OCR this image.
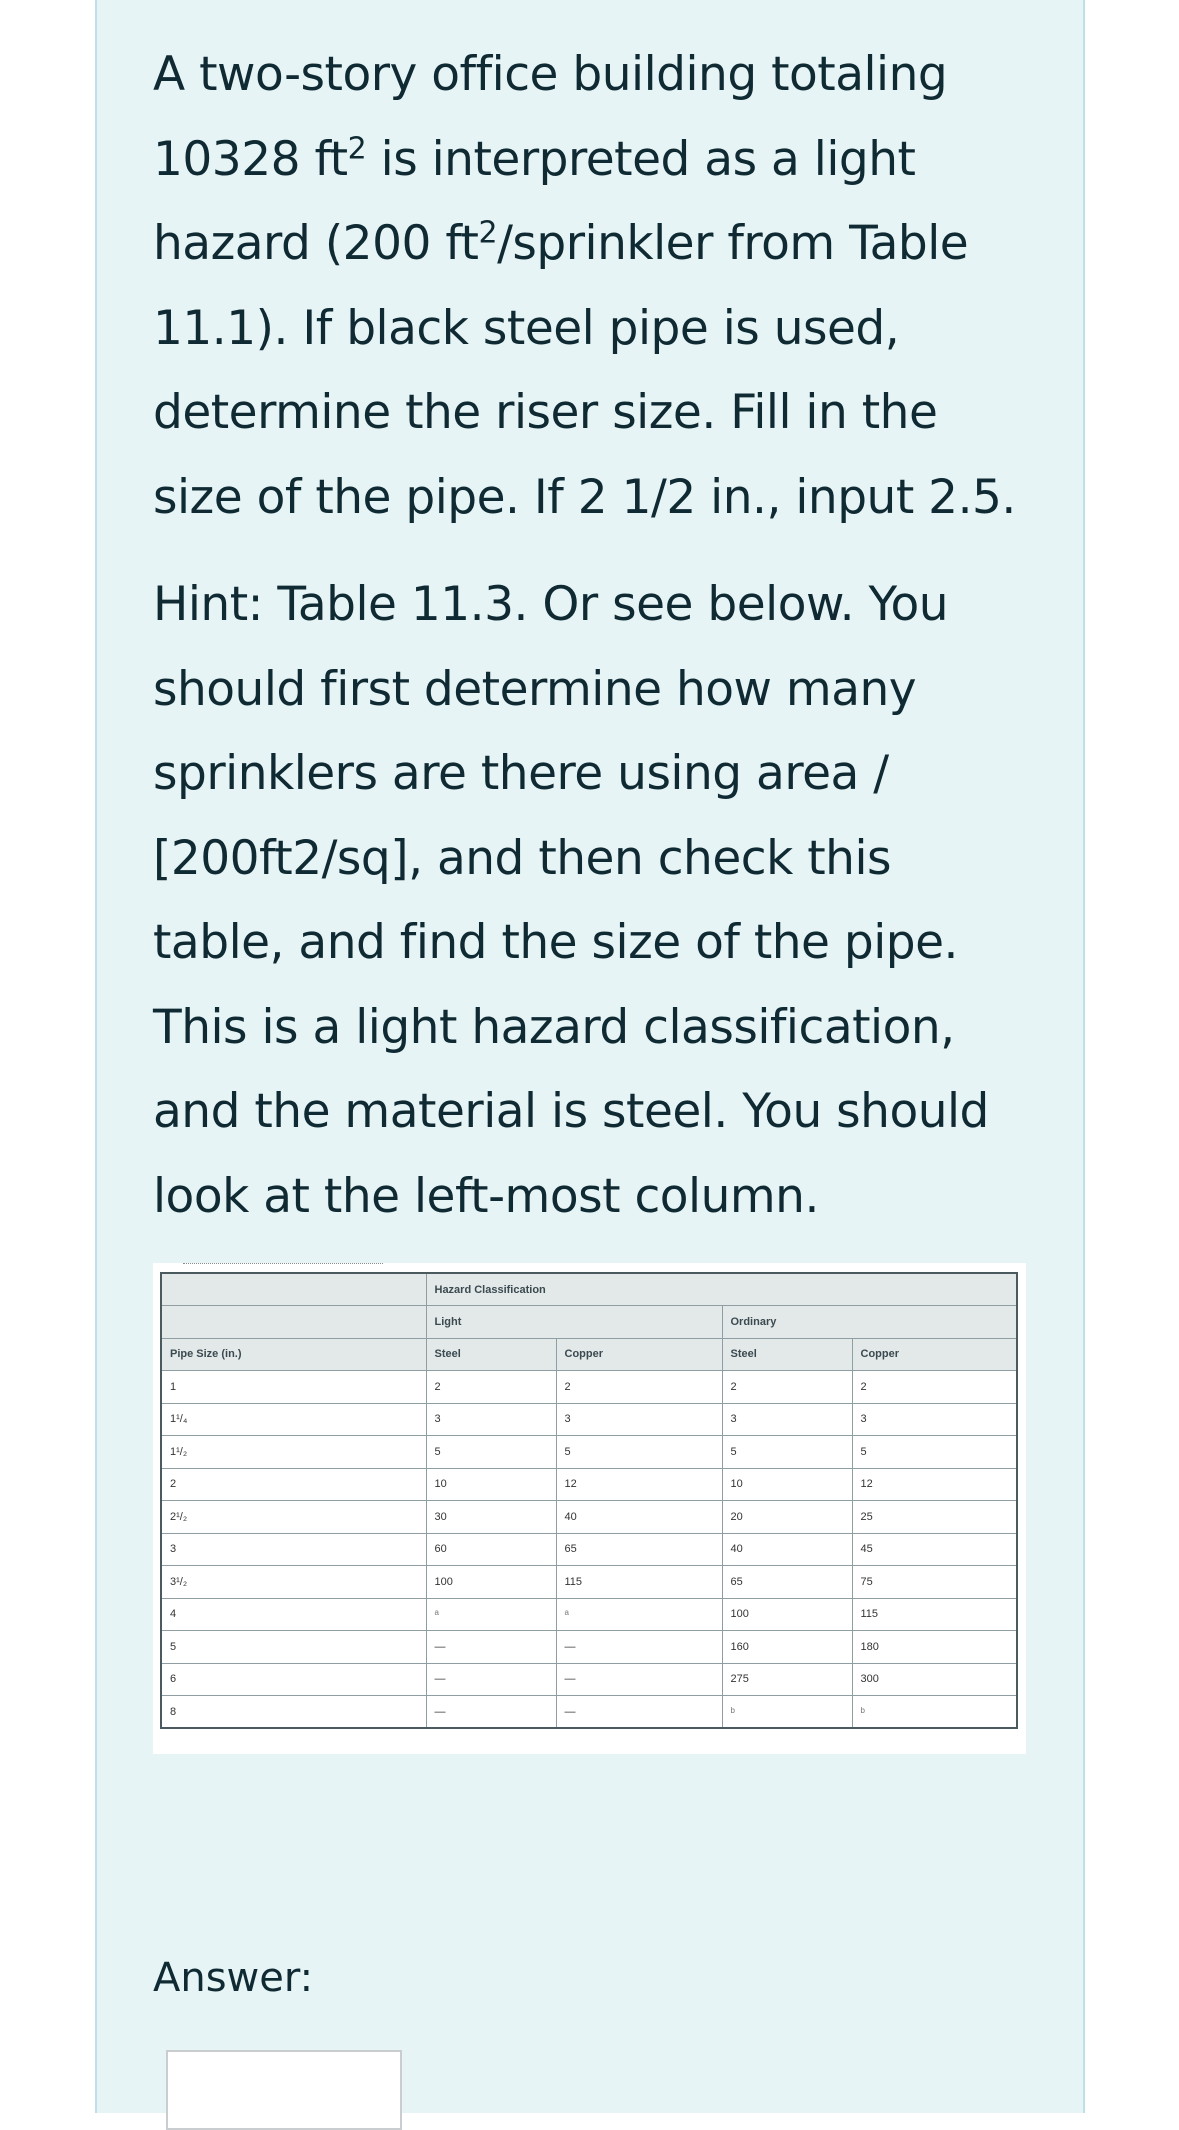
A two-story office building totaling
10328 $ft^2$ is interpreted as a light
hazard (200 $ft^2$/sprinkler from Table
11.1). If black steel pipe is used,
determine the riser size. Fill in the
size of the pipe. If 2 1/2 in., input 2.5.

Hint: Table 11.3. Or see below. You
should first determine how many
sprinklers are there using area /
[200ft2/sq], and then check this
table, and find the size of the pipe.
This is a light hazard classification,
and the material is steel. You should
look at the left-most column.

	Hazard Classification			
	Light		Ordinary	
Pipe Size (in.)	Steel	Copper	Steel	Copper
1	2	2	2	2
1¹/₄	3	3	3	3
1¹/₂	5	5	5	5
2	10	12	10	12
2¹/₂	30	40	20	25
3	60	65	40	45
3¹/₂	100	115	65	75
4	$^a$	$^a$	100	115
5	—	—	160	180
6	—	—	275	300
8	—	—	$^b$	$^b$

Answer:
